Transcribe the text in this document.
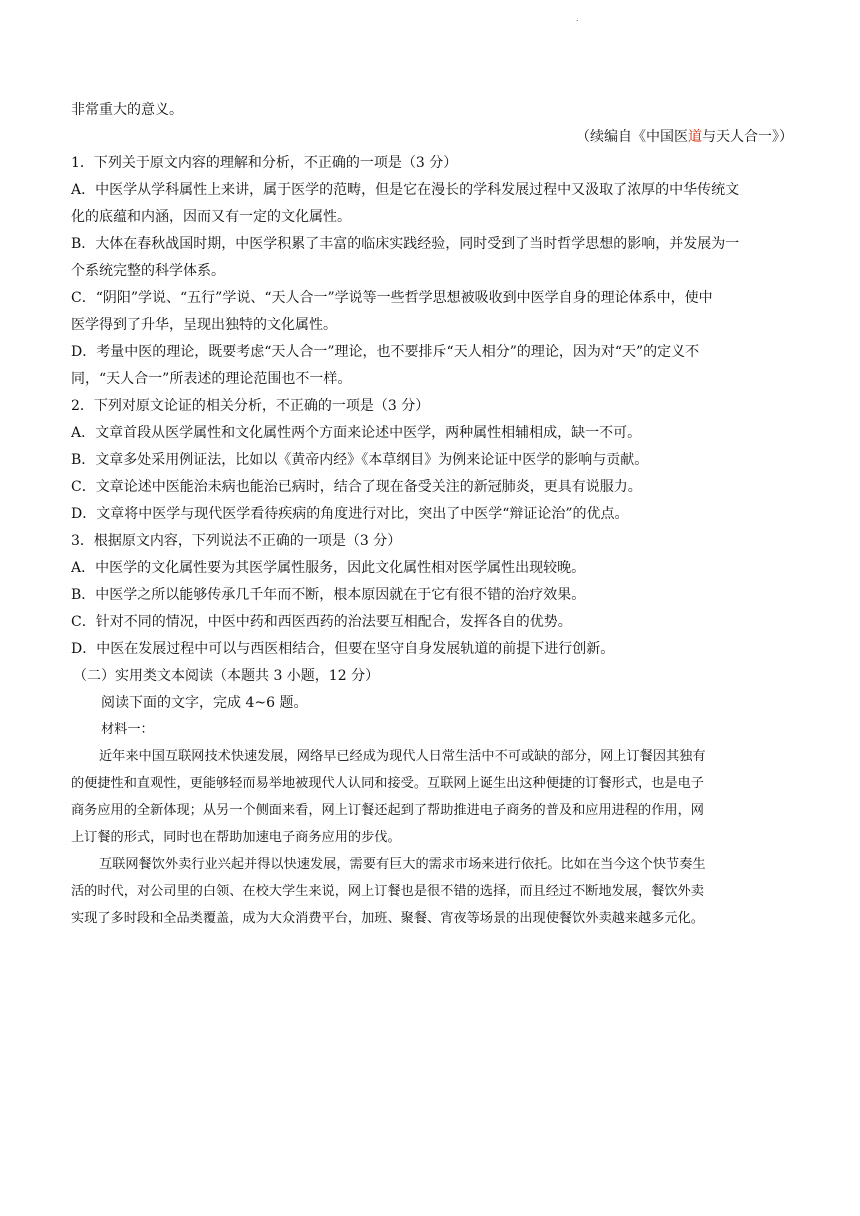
.
非常重大的意义。
（续编自《中国医道与天人合一》）
1．下列关于原文内容的理解和分析，不正确的一项是（3 分）
A．中医学从学科属性上来讲，属于医学的范畴，但是它在漫长的学科发展过程中又汲取了浓厚的中华传统文
化的底蕴和内涵，因而又有一定的文化属性。
B．大体在春秋战国时期，中医学积累了丰富的临床实践经验，同时受到了当时哲学思想的影响，并发展为一
个系统完整的科学体系。
C．“阴阳”学说、“五行”学说、“天人合一”学说等一些哲学思想被吸收到中医学自身的理论体系中，使中
医学得到了升华，呈现出独特的文化属性。
D．考量中医的理论，既要考虑“天人合一”理论，也不要排斥“天人相分”的理论，因为对“天”的定义不
同，“天人合一”所表述的理论范围也不一样。
2．下列对原文论证的相关分析，不正确的一项是（3 分）
A．文章首段从医学属性和文化属性两个方面来论述中医学，两种属性相辅相成，缺一不可。
B．文章多处采用例证法，比如以《黄帝内经》《本草纲目》为例来论证中医学的影响与贡献。
C．文章论述中医能治未病也能治已病时，结合了现在备受关注的新冠肺炎，更具有说服力。
D．文章将中医学与现代医学看待疾病的角度进行对比，突出了中医学“辩证论治”的优点。
3．根据原文内容，下列说法不正确的一项是（3 分）
A．中医学的文化属性要为其医学属性服务，因此文化属性相对医学属性出现较晚。
B．中医学之所以能够传承几千年而不断，根本原因就在于它有很不错的治疗效果。
C．针对不同的情况，中医中药和西医西药的治法要互相配合，发挥各自的优势。
D．中医在发展过程中可以与西医相结合，但要在坚守自身发展轨道的前提下进行创新。
（二）实用类文本阅读（本题共 3 小题，12 分）
阅读下面的文字，完成 4~6 题。
材料一：
近年来中国互联网技术快速发展，网络早已经成为现代人日常生活中不可或缺的部分，网上订餐因其独有
的便捷性和直观性，更能够轻而易举地被现代人认同和接受。互联网上诞生出这种便捷的订餐形式，也是电子
商务应用的全新体现；从另一个侧面来看，网上订餐还起到了帮助推进电子商务的普及和应用进程的作用，网
上订餐的形式，同时也在帮助加速电子商务应用的步伐。
互联网餐饮外卖行业兴起并得以快速发展，需要有巨大的需求市场来进行依托。比如在当今这个快节奏生
活的时代，对公司里的白领、在校大学生来说，网上订餐也是很不错的选择，而且经过不断地发展，餐饮外卖
实现了多时段和全品类覆盖，成为大众消费平台，加班、聚餐、宵夜等场景的出现使餐饮外卖越来越多元化。
